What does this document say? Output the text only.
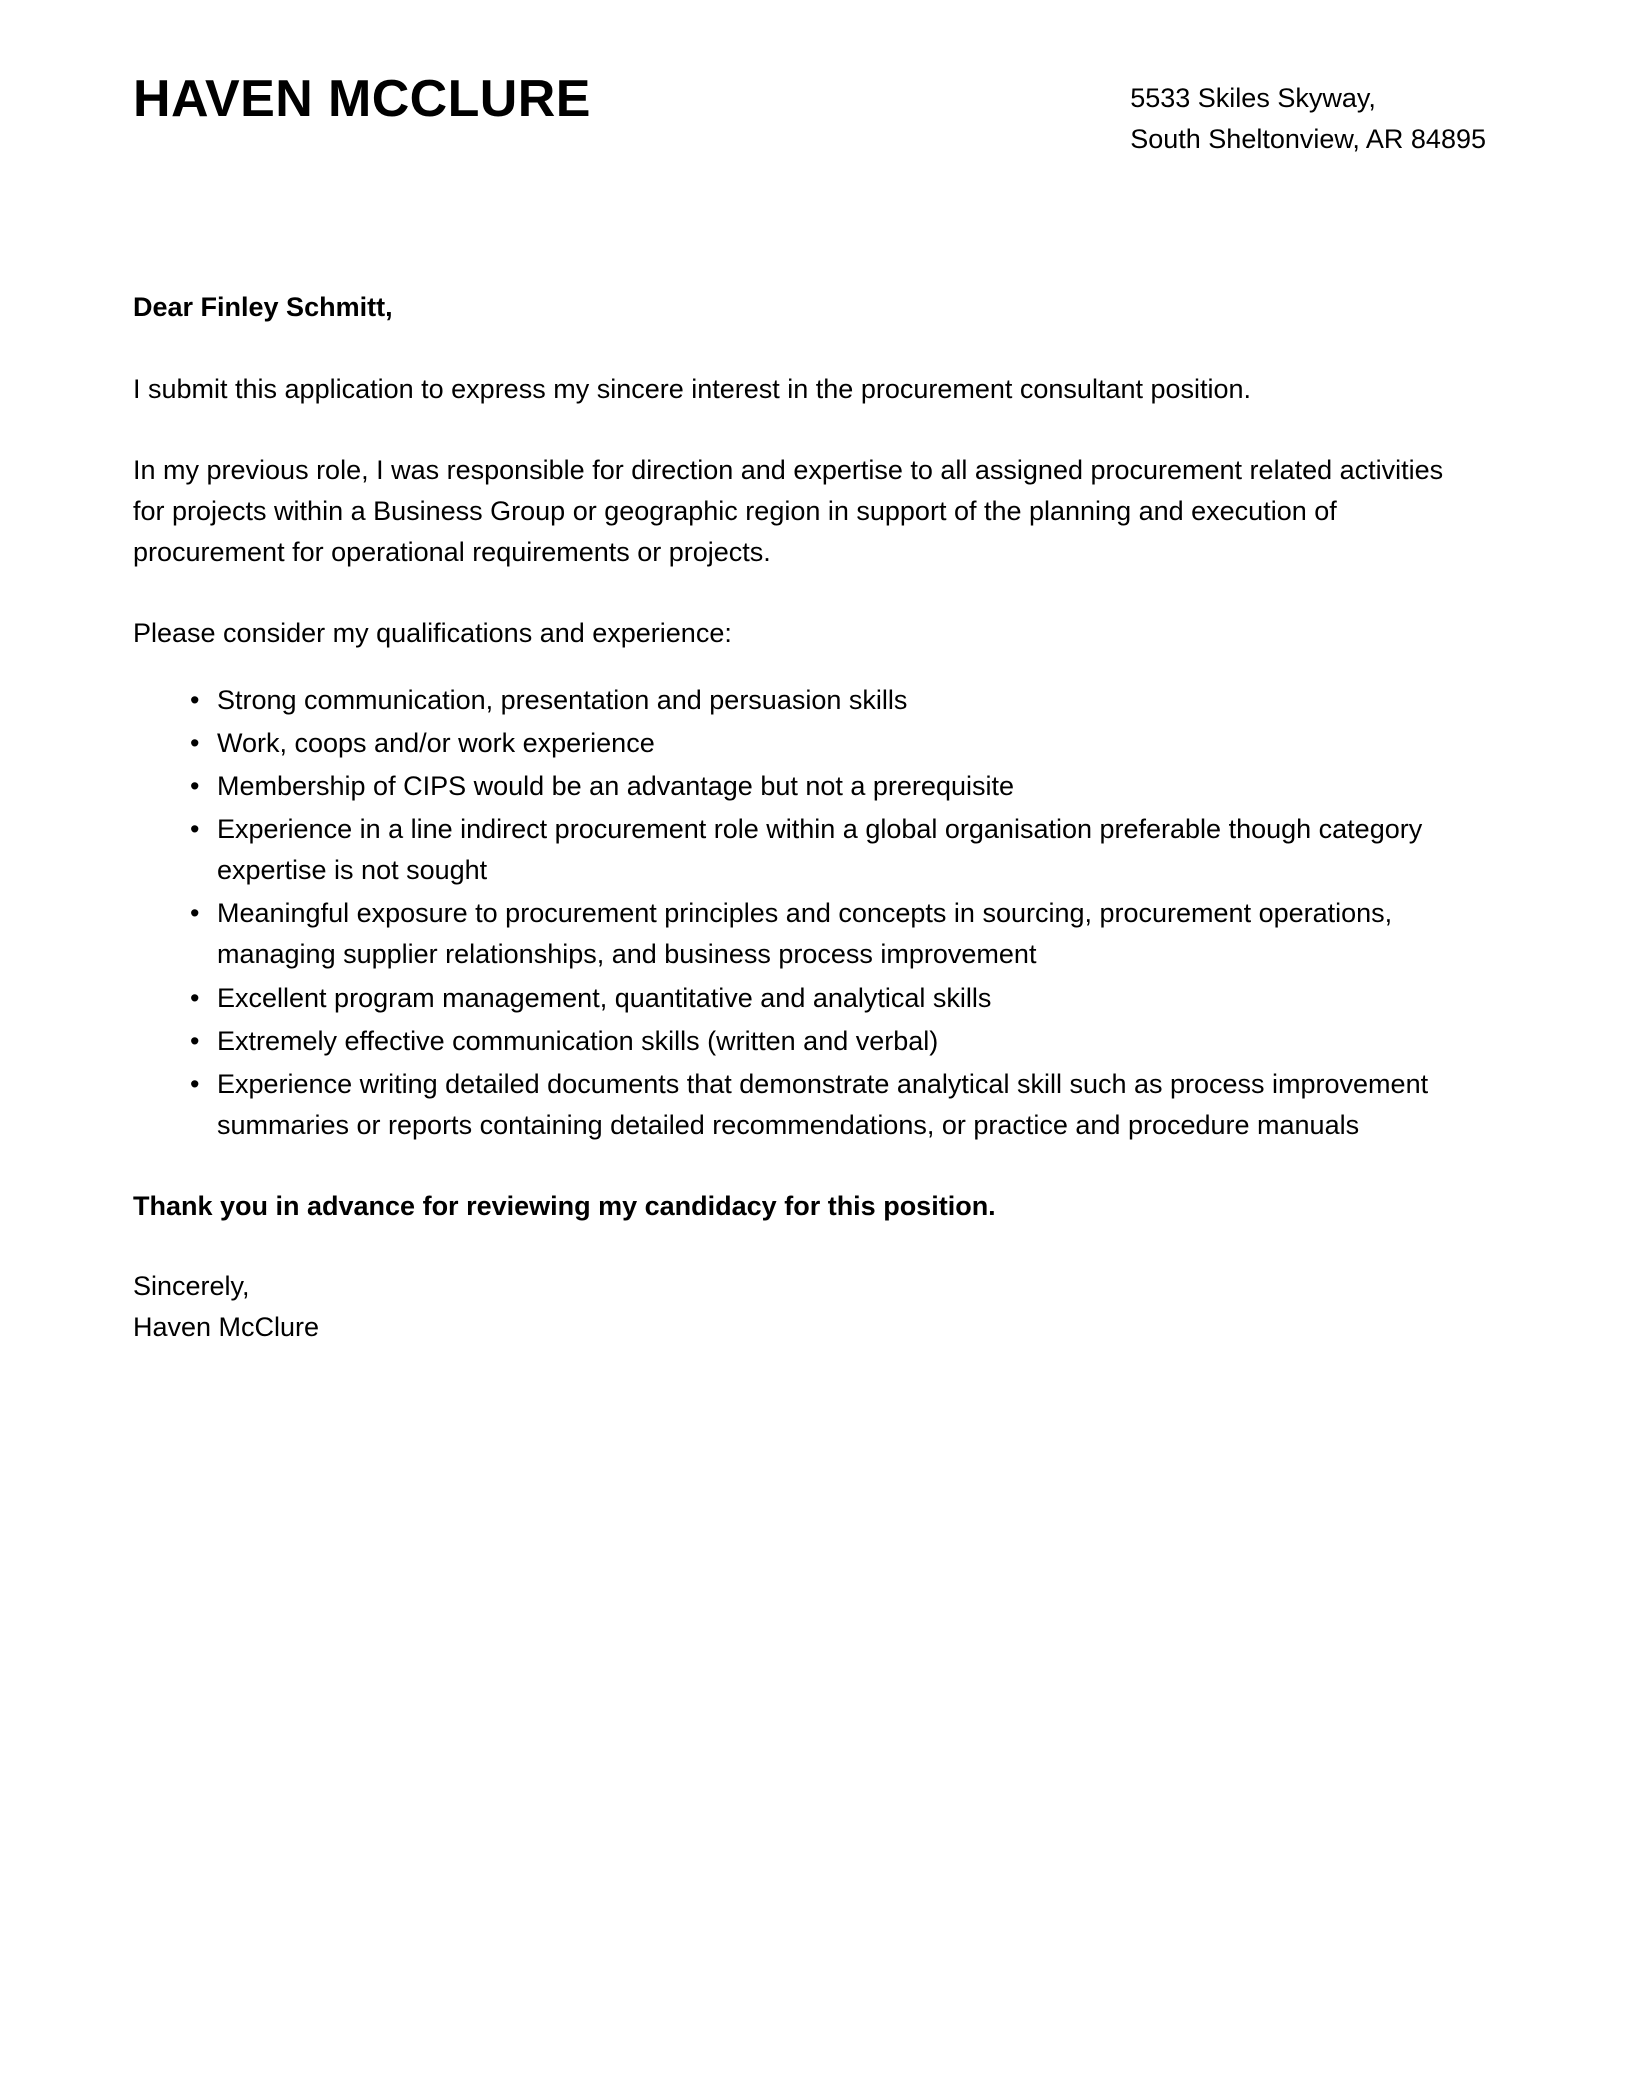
HAVEN MCCLURE	5533 Skiles Skyway,
South Sheltonview, AR 84895

Dear Finley Schmitt,

I submit this application to express my sincere interest in the procurement consultant position.

In my previous role, I was responsible for direction and expertise to all assigned procurement related activities for projects within a Business Group or geographic region in support of the planning and execution of procurement for operational requirements or projects.

Please consider my qualifications and experience:

• Strong communication, presentation and persuasion skills
• Work, coops and/or work experience
• Membership of CIPS would be an advantage but not a prerequisite
• Experience in a line indirect procurement role within a global organisation preferable though category expertise is not sought
• Meaningful exposure to procurement principles and concepts in sourcing, procurement operations, managing supplier relationships, and business process improvement
• Excellent program management, quantitative and analytical skills
• Extremely effective communication skills (written and verbal)
• Experience writing detailed documents that demonstrate analytical skill such as process improvement summaries or reports containing detailed recommendations, or practice and procedure manuals

Thank you in advance for reviewing my candidacy for this position.

Sincerely,
Haven McClure
